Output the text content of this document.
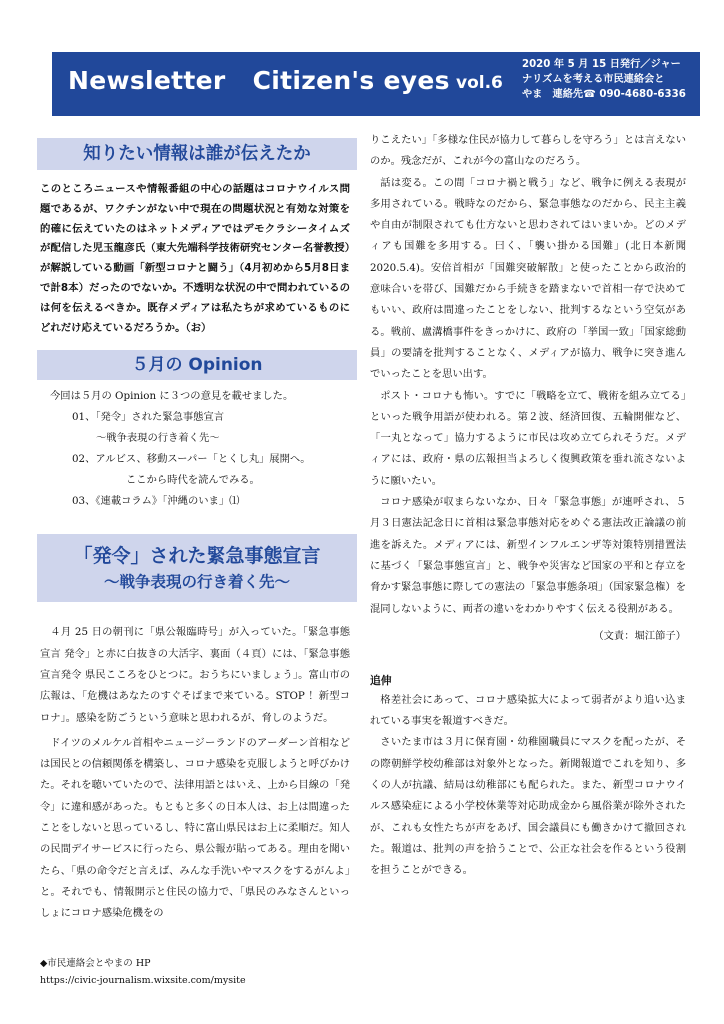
Newsletter   Citizen's eyes vol.6
2020 年 5 月 15 日発行／ジャー
ナリズムを考える市民連絡会と
やま　連絡先☎ 090-4680-6336
知りたい情報は誰が伝えたか

このところニュースや情報番組の中心の話題はコロナウイルス問題であるが、ワクチンがない中で現在の問題状況と有効な対策を的確に伝えていたのはネットメディアではデモクラシータイムズが配信した児玉龍彦氏（東大先端科学技術研究センター名誉教授）が解説している動画「新型コロナと闘う」（4月初めから5月8日まで計8本）だったのでないか。不透明な状況の中で問われているのは何を伝えるべきか。既存メディアは私たちが求めているものにどれだけ応えているだろうか。（お）

５月の Opinion

今回は５月の Opinion に３つの意見を載せました。

01、「発令」された緊急事態宣言
～戦争表現の行き着く先～
02、アルビス、移動スーパー「とくし丸」展開へ。
ここから時代を読んでみる。
03、《連載コラム》「沖縄のいま」⑴
「発令」された緊急事態宣言
～戦争表現の行き着く先～

４月 25 日の朝刊に「県公報臨時号」が入っていた。「緊急事態宣言 発令」と赤に白抜きの大活字、裏面（４頁）には、「緊急事態宣言発令 県民こころをひとつに。おうちにいましょう」。富山市の広報は、「危機はあなたのすぐそばまで来ている。STOP ！新型コロナ」。感染を防ごうという意味と思われるが、脅しのようだ。

ドイツのメルケル首相やニュージーランドのアーダーン首相などは国民との信頼関係を構築し、コロナ感染を克服しようと呼びかけた。それを聴いていたので、法律用語とはいえ、上から目線の「発令」に違和感があった。もともと多くの日本人は、お上は間違ったことをしないと思っているし、特に富山県民はお上に柔順だ。知人の民間デイサービスに行ったら、県公報が貼ってある。理由を聞いたら、「県の命令だと言えば、みんな手洗いやマスクをするがんよ」と。それでも、情報開示と住民の協力で、「県民のみなさんといっしょにコロナ感染危機をの

りこえたい」「多様な住民が協力して暮らしを守ろう」とは言えないのか。残念だが、これが今の富山なのだろう。

話は変る。この間「コロナ禍と戦う」など、戦争に例える表現が多用されている。戦時なのだから、緊急事態なのだから、民主主義や自由が制限されても仕方ないと思わされてはいまいか。どのメディアも国難を多用する。曰く、「襲い掛かる国難」(北日本新聞 2020.5.4)。安倍首相が「国難突破解散」と使ったことから政治的意味合いを帯び、国難だから手続きを踏まないで首相一存で決めてもいい、政府は間違ったことをしない、批判するなという空気がある。戦前、盧溝橋事件をきっかけに、政府の「挙国一致」「国家総動員」の要請を批判することなく、メディアが協力、戦争に突き進んでいったことを思い出す。

ポスト・コロナも怖い。すでに「戦略を立て、戦術を組み立てる」といった戦争用語が使われる。第２波、経済回復、五輪開催など、「一丸となって」協力するように市民は攻め立てられそうだ。メディアには、政府・県の広報担当よろしく復興政策を垂れ流さないように願いたい。

コロナ感染が収まらないなか、日々「緊急事態」が連呼され、５月３日憲法記念日に首相は緊急事態対応をめぐる憲法改正論議の前進を訴えた。メディアには、新型インフルエンザ等対策特別措置法に基づく「緊急事態宣言」と、戦争や災害など国家の平和と存立を脅かす緊急事態に際しての憲法の「緊急事態条項」（国家緊急権）を混同しないように、両者の違いをわかりやすく伝える役割がある。

（文責：堀江節子）

追伸

格差社会にあって、コロナ感染拡大によって弱者がより追い込まれている事実を報道すべきだ。

さいたま市は３月に保育園・幼稚園職員にマスクを配ったが、その際朝鮮学校幼稚部は対象外となった。新聞報道でこれを知り、多くの人が抗議、結局は幼稚部にも配られた。また、新型コロナウイルス感染症による小学校休業等対応助成金から風俗業が除外されたが、これも女性たちが声をあげ、国会議員にも働きかけて撤回された。報道は、批判の声を拾うことで、公正な社会を作るという役割を担うことができる。

◆市民連絡会とやまの HP
https://civic-journalism.wixsite.com/mysite
